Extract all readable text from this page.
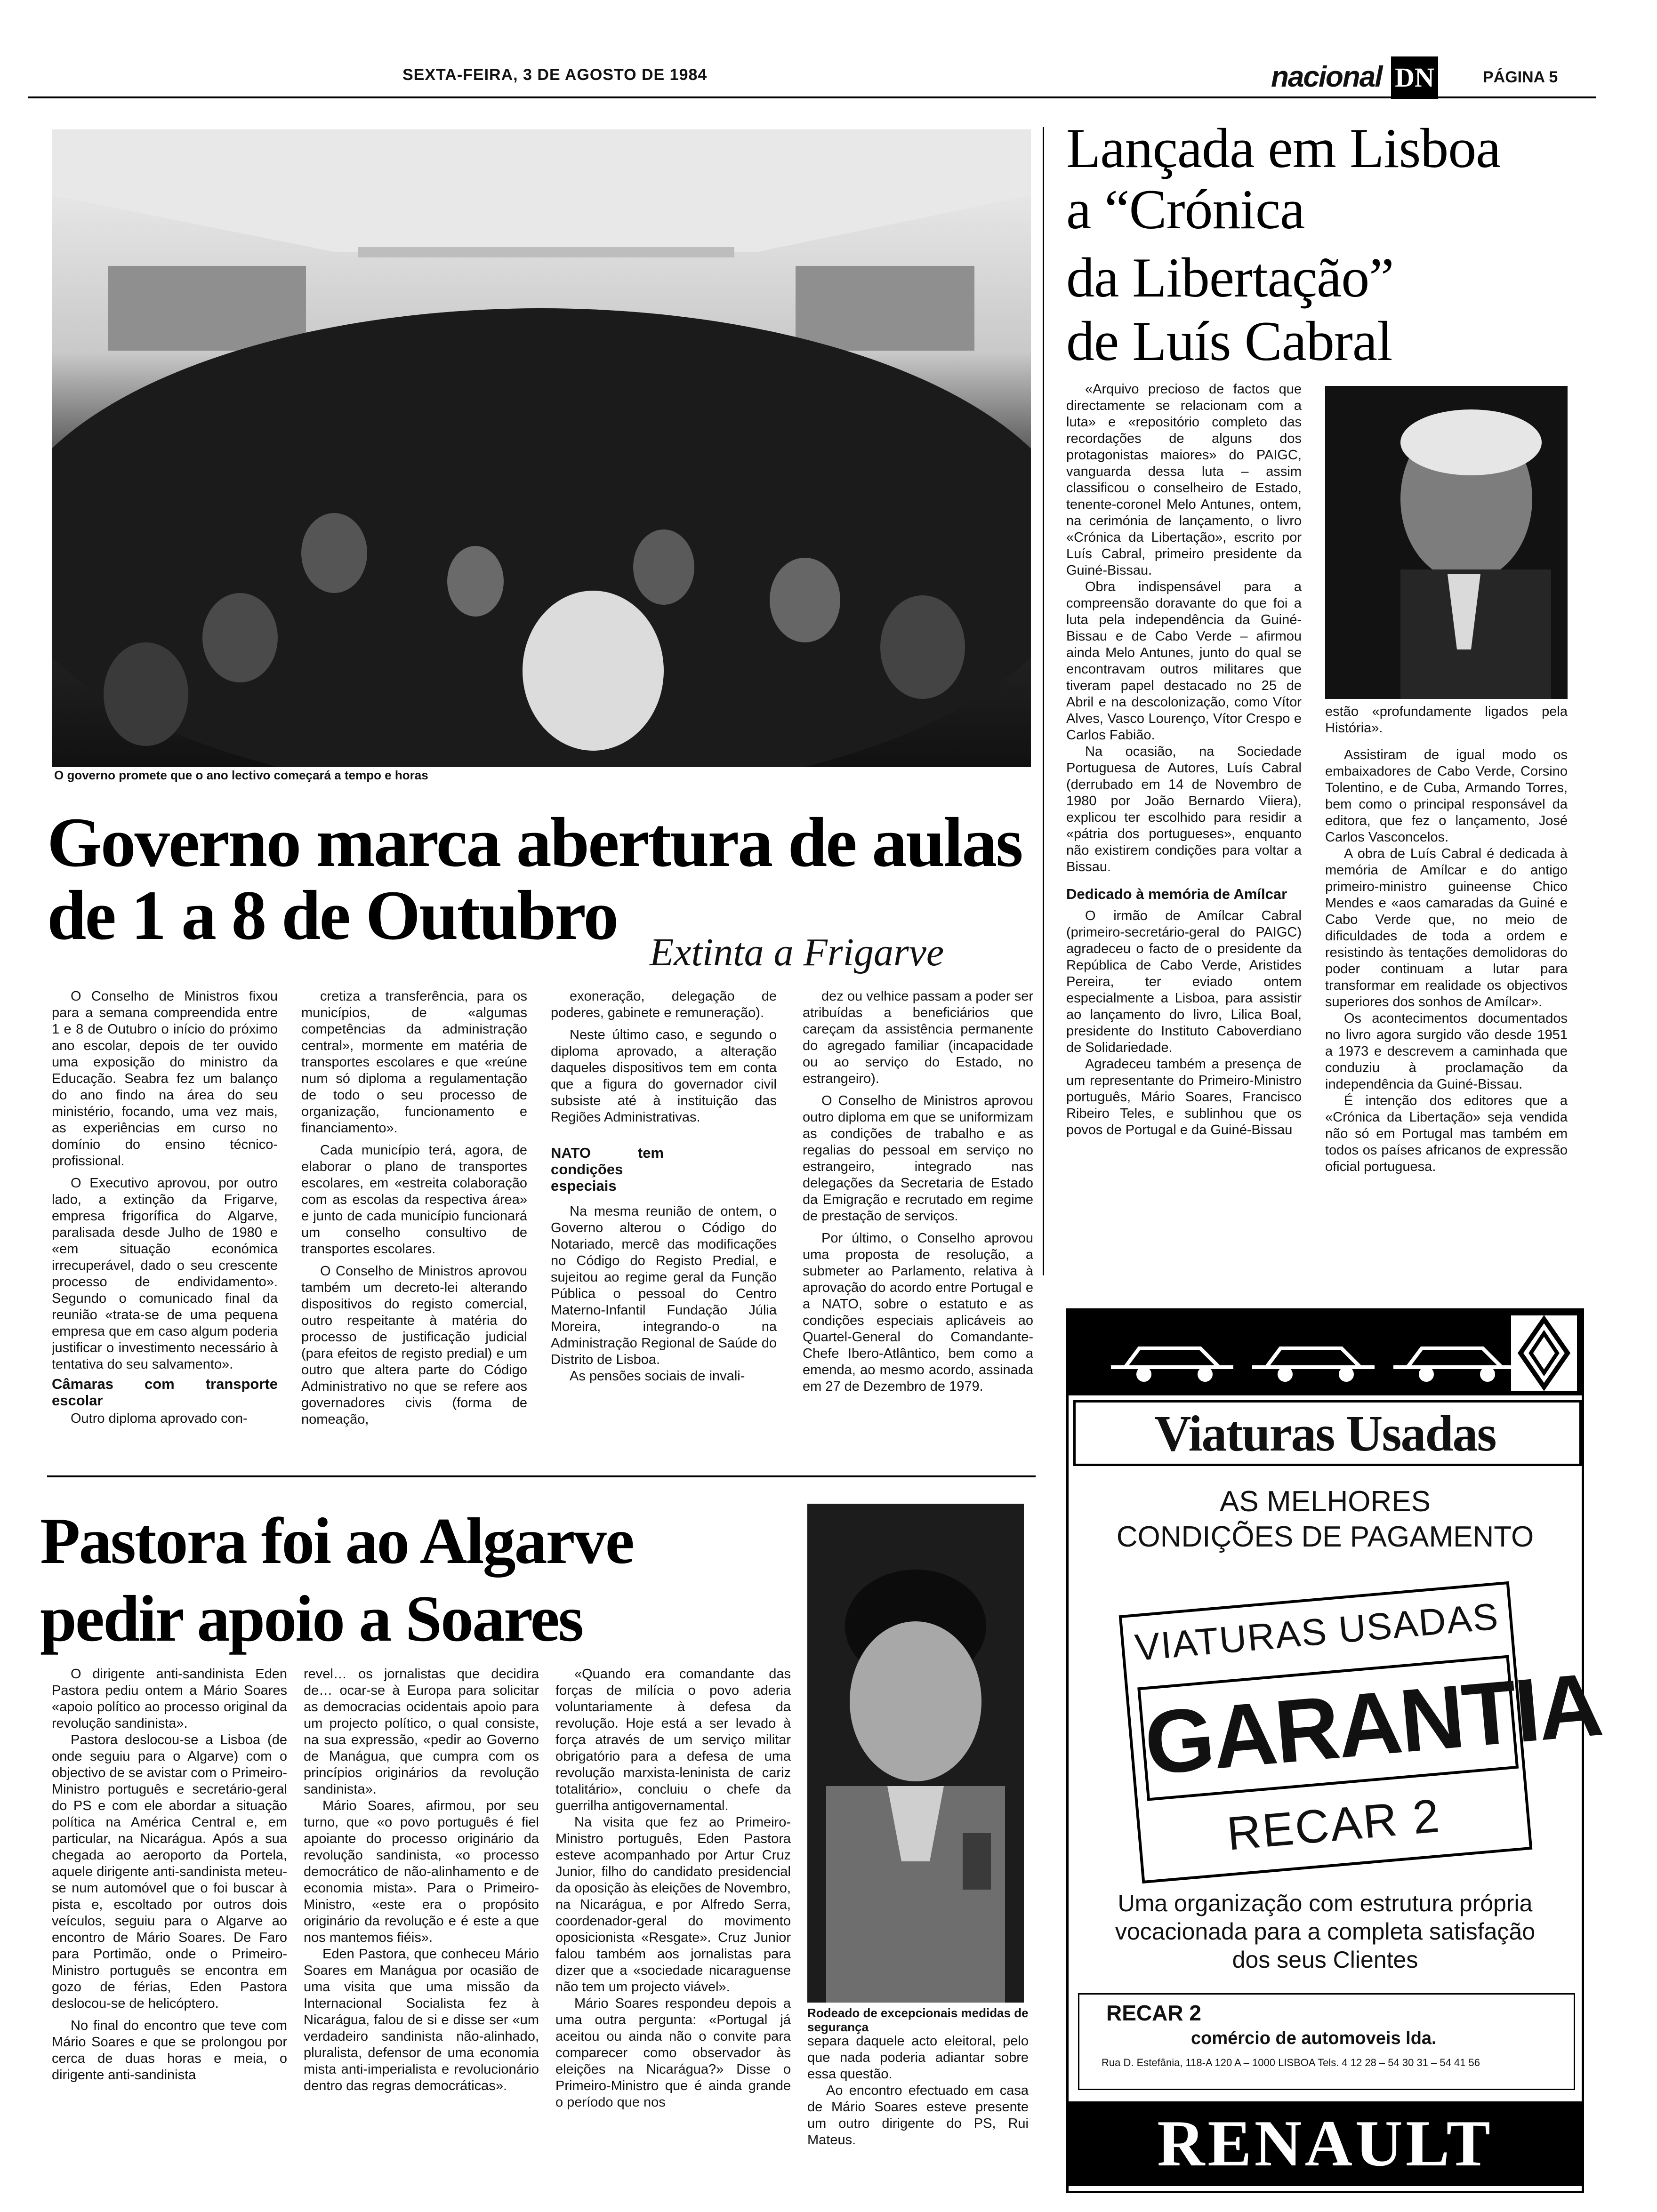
SEXTA-FEIRA, 3 DE AGOSTO DE 1984	nacional DN	PÁGINA 5
O governo promete que o ano lectivo começará a tempo e horas
Governo marca abertura de aulas
de 1 a 8 de Outubro Extinta a Frigarve

O Conselho de Ministros fixou para a semana compreendida entre 1 e 8 de Outubro o início do próximo ano escolar, depois de ter ouvido uma exposição do ministro da Educação. Seabra fez um balanço do ano findo na área do seu ministério, focando, uma vez mais, as experiências em curso no domínio do ensino técnico-profissional.

O Executivo aprovou, por outro lado, a extinção da Frigarve, empresa frigorífica do Algarve, paralisada desde Julho de 1980 e «em situação económica irrecuperável, dado o seu crescente processo de endividamento». Segundo o comunicado final da reunião «trata-se de uma pequena empresa que em caso algum poderia justificar o investimento necessário à tentativa do seu salvamento».

Câmaras com transporte escolar

Outro diploma aprovado con-

cretiza a transferência, para os municípios, de «algumas competências da administração central», mormente em matéria de transportes escolares e que «reúne num só diploma a regulamentação de todo o seu processo de organização, funcionamento e financiamento».

Cada município terá, agora, de elaborar o plano de transportes escolares, em «estreita colaboração com as escolas da respectiva área» e junto de cada município funcionará um conselho consultivo de transportes escolares.

O Conselho de Ministros aprovou também um decreto-lei alterando dispositivos do registo comercial, outro respeitante à matéria do processo de justificação judicial (para efeitos de registo predial) e um outro que altera parte do Código Administrativo no que se refere aos governadores civis (forma de nomeação,

exoneração, delegação de poderes, gabinete e remuneração).

Neste último caso, e segundo o diploma aprovado, a alteração daqueles dispositivos tem em conta que a figura do governador civil subsiste até à instituição das Regiões Administrativas.

NATO tem condições especiais

Na mesma reunião de ontem, o Governo alterou o Código do Notariado, mercê das modificações no Código do Registo Predial, e sujeitou ao regime geral da Função Pública o pessoal do Centro Materno-Infantil Fundação Júlia Moreira, integrando-o na Administração Regional de Saúde do Distrito de Lisboa.

As pensões sociais de invali-

dez ou velhice passam a poder ser atribuídas a beneficiários que careçam da assistência permanente do agregado familiar (incapacidade ou ao serviço do Estado, no estrangeiro).

O Conselho de Ministros aprovou outro diploma em que se uniformizam as condições de trabalho e as regalias do pessoal em serviço no estrangeiro, integrado nas delegações da Secretaria de Estado da Emigração e recrutado em regime de prestação de serviços.

Por último, o Conselho aprovou uma proposta de resolução, a submeter ao Parlamento, relativa à aprovação do acordo entre Portugal e a NATO, sobre o estatuto e as condições especiais aplicáveis ao Quartel-General do Comandante-Chefe Ibero-Atlântico, bem como a emenda, ao mesmo acordo, assinada em 27 de Dezembro de 1979.

Lançada em Lisboa
a “Crónica
da Libertação”
de Luís Cabral

«Arquivo precioso de factos que directamente se relacionam com a luta» e «repositório completo das recordações de alguns dos protagonistas maiores» do PAIGC, vanguarda dessa luta – assim classificou o conselheiro de Estado, tenente-coronel Melo Antunes, ontem, na cerimónia de lançamento, o livro «Crónica da Libertação», escrito por Luís Cabral, primeiro presidente da Guiné-Bissau.

Obra indispensável para a compreensão doravante do que foi a luta pela independência da Guiné-Bissau e de Cabo Verde – afirmou ainda Melo Antunes, junto do qual se encontravam outros militares que tiveram papel destacado no 25 de Abril e na descolonização, como Vítor Alves, Vasco Lourenço, Vítor Crespo e Carlos Fabião.

Na ocasião, na Sociedade Portuguesa de Autores, Luís Cabral (derrubado em 14 de Novembro de 1980 por João Bernardo Viiera), explicou ter escolhido para residir a «pátria dos portugueses», enquanto não existirem condições para voltar a Bissau.

Dedicado à memória de Amílcar

O irmão de Amílcar Cabral (primeiro-secretário-geral do PAIGC) agradeceu o facto de o presidente da República de Cabo Verde, Aristides Pereira, ter eviado ontem especialmente a Lisboa, para assistir ao lançamento do livro, Lilica Boal, presidente do Instituto Caboverdiano de Solidariedade.

Agradeceu também a presença de um representante do Primeiro-Ministro português, Mário Soares, Francisco Ribeiro Teles, e sublinhou que os povos de Portugal e da Guiné-Bissau

estão «profundamente ligados pela História».

Assistiram de igual modo os embaixadores de Cabo Verde, Corsino Tolentino, e de Cuba, Armando Torres, bem como o principal responsável da editora, que fez o lançamento, José Carlos Vasconcelos.

A obra de Luís Cabral é dedicada à memória de Amílcar e do antigo primeiro-ministro guineense Chico Mendes e «aos camaradas da Guiné e Cabo Verde que, no meio de dificuldades de toda a ordem e resistindo às tentações demolidoras do poder continuam a lutar para transformar em realidade os objectivos superiores dos sonhos de Amílcar».

Os acontecimentos documentados no livro agora surgido vão desde 1951 a 1973 e descrevem a caminhada que conduziu à proclamação da independência da Guiné-Bissau.

É intenção dos editores que a «Crónica da Libertação» seja vendida não só em Portugal mas também em todos os países africanos de expressão oficial portuguesa.

Pastora foi ao Algarve
pedir apoio a Soares
Rodeado de excepcionais medidas de segurança

O dirigente anti-sandinista Eden Pastora pediu ontem a Mário Soares «apoio político ao processo original da revolução sandinista».

Pastora deslocou-se a Lisboa (de onde seguiu para o Algarve) com o objectivo de se avistar com o Primeiro-Ministro português e secretário-geral do PS e com ele abordar a situação política na América Central e, em particular, na Nicarágua. Após a sua chegada ao aeroporto da Portela, aquele dirigente anti-sandinista meteu-se num automóvel que o foi buscar à pista e, escoltado por outros dois veículos, seguiu para o Algarve ao encontro de Mário Soares. De Faro para Portimão, onde o Primeiro-Ministro português se encontra em gozo de férias, Eden Pastora deslocou-se de helicóptero.

No final do encontro que teve com Mário Soares e que se prolongou por cerca de duas horas e meia, o dirigente anti-sandinista

revel… os jornalistas que decidira de… ocar-se à Europa para solicitar as democracias ocidentais apoio para um projecto político, o qual consiste, na sua expressão, «pedir ao Governo de Manágua, que cumpra com os princípios originários da revolução sandinista».

Mário Soares, afirmou, por seu turno, que «o povo português é fiel apoiante do processo originário da revolução sandinista, «o processo democrático de não-alinhamento e de economia mista». Para o Primeiro-Ministro, «este era o propósito originário da revolução e é este a que nos mantemos fiéis».

Eden Pastora, que conheceu Mário Soares em Manágua por ocasião de uma visita que uma missão da Internacional Socialista fez à Nicarágua, falou de si e disse ser «um verdadeiro sandinista não-alinhado, pluralista, defensor de uma economia mista anti-imperialista e revolucionário dentro das regras democráticas».

«Quando era comandante das forças de milícia o povo aderia voluntariamente à defesa da revolução. Hoje está a ser levado à força através de um serviço militar obrigatório para a defesa de uma revolução marxista-leninista de cariz totalitário», concluiu o chefe da guerrilha antigovernamental.

Na visita que fez ao Primeiro-Ministro português, Eden Pastora esteve acompanhado por Artur Cruz Junior, filho do candidato presidencial da oposição às eleições de Novembro, na Nicarágua, e por Alfredo Serra, coordenador-geral do movimento oposicionista «Resgate». Cruz Junior falou também aos jornalistas para dizer que a «sociedade nicaraguense não tem um projecto viável».

Mário Soares respondeu depois a uma outra pergunta: «Portugal já aceitou ou ainda não o convite para comparecer como observador às eleições na Nicarágua?» Disse o Primeiro-Ministro que é ainda grande o período que nos

separa daquele acto eleitoral, pelo que nada poderia adiantar sobre essa questão.

Ao encontro efectuado em casa de Mário Soares esteve presente um outro dirigente do PS, Rui Mateus.

Viaturas Usadas
AS MELHORES
CONDIÇÕES DE PAGAMENTO
VIATURAS USADAS
GARANTIA
RECAR 2
Uma organização com estrutura própria
vocacionada para a completa satisfação
dos seus Clientes
RECAR 2
comércio de automoveis lda.
Rua D. Estefânia, 118-A 120 A – 1000 LISBOA Tels. 4 12 28 – 54 30 31 – 54 41 56
RENAULT
